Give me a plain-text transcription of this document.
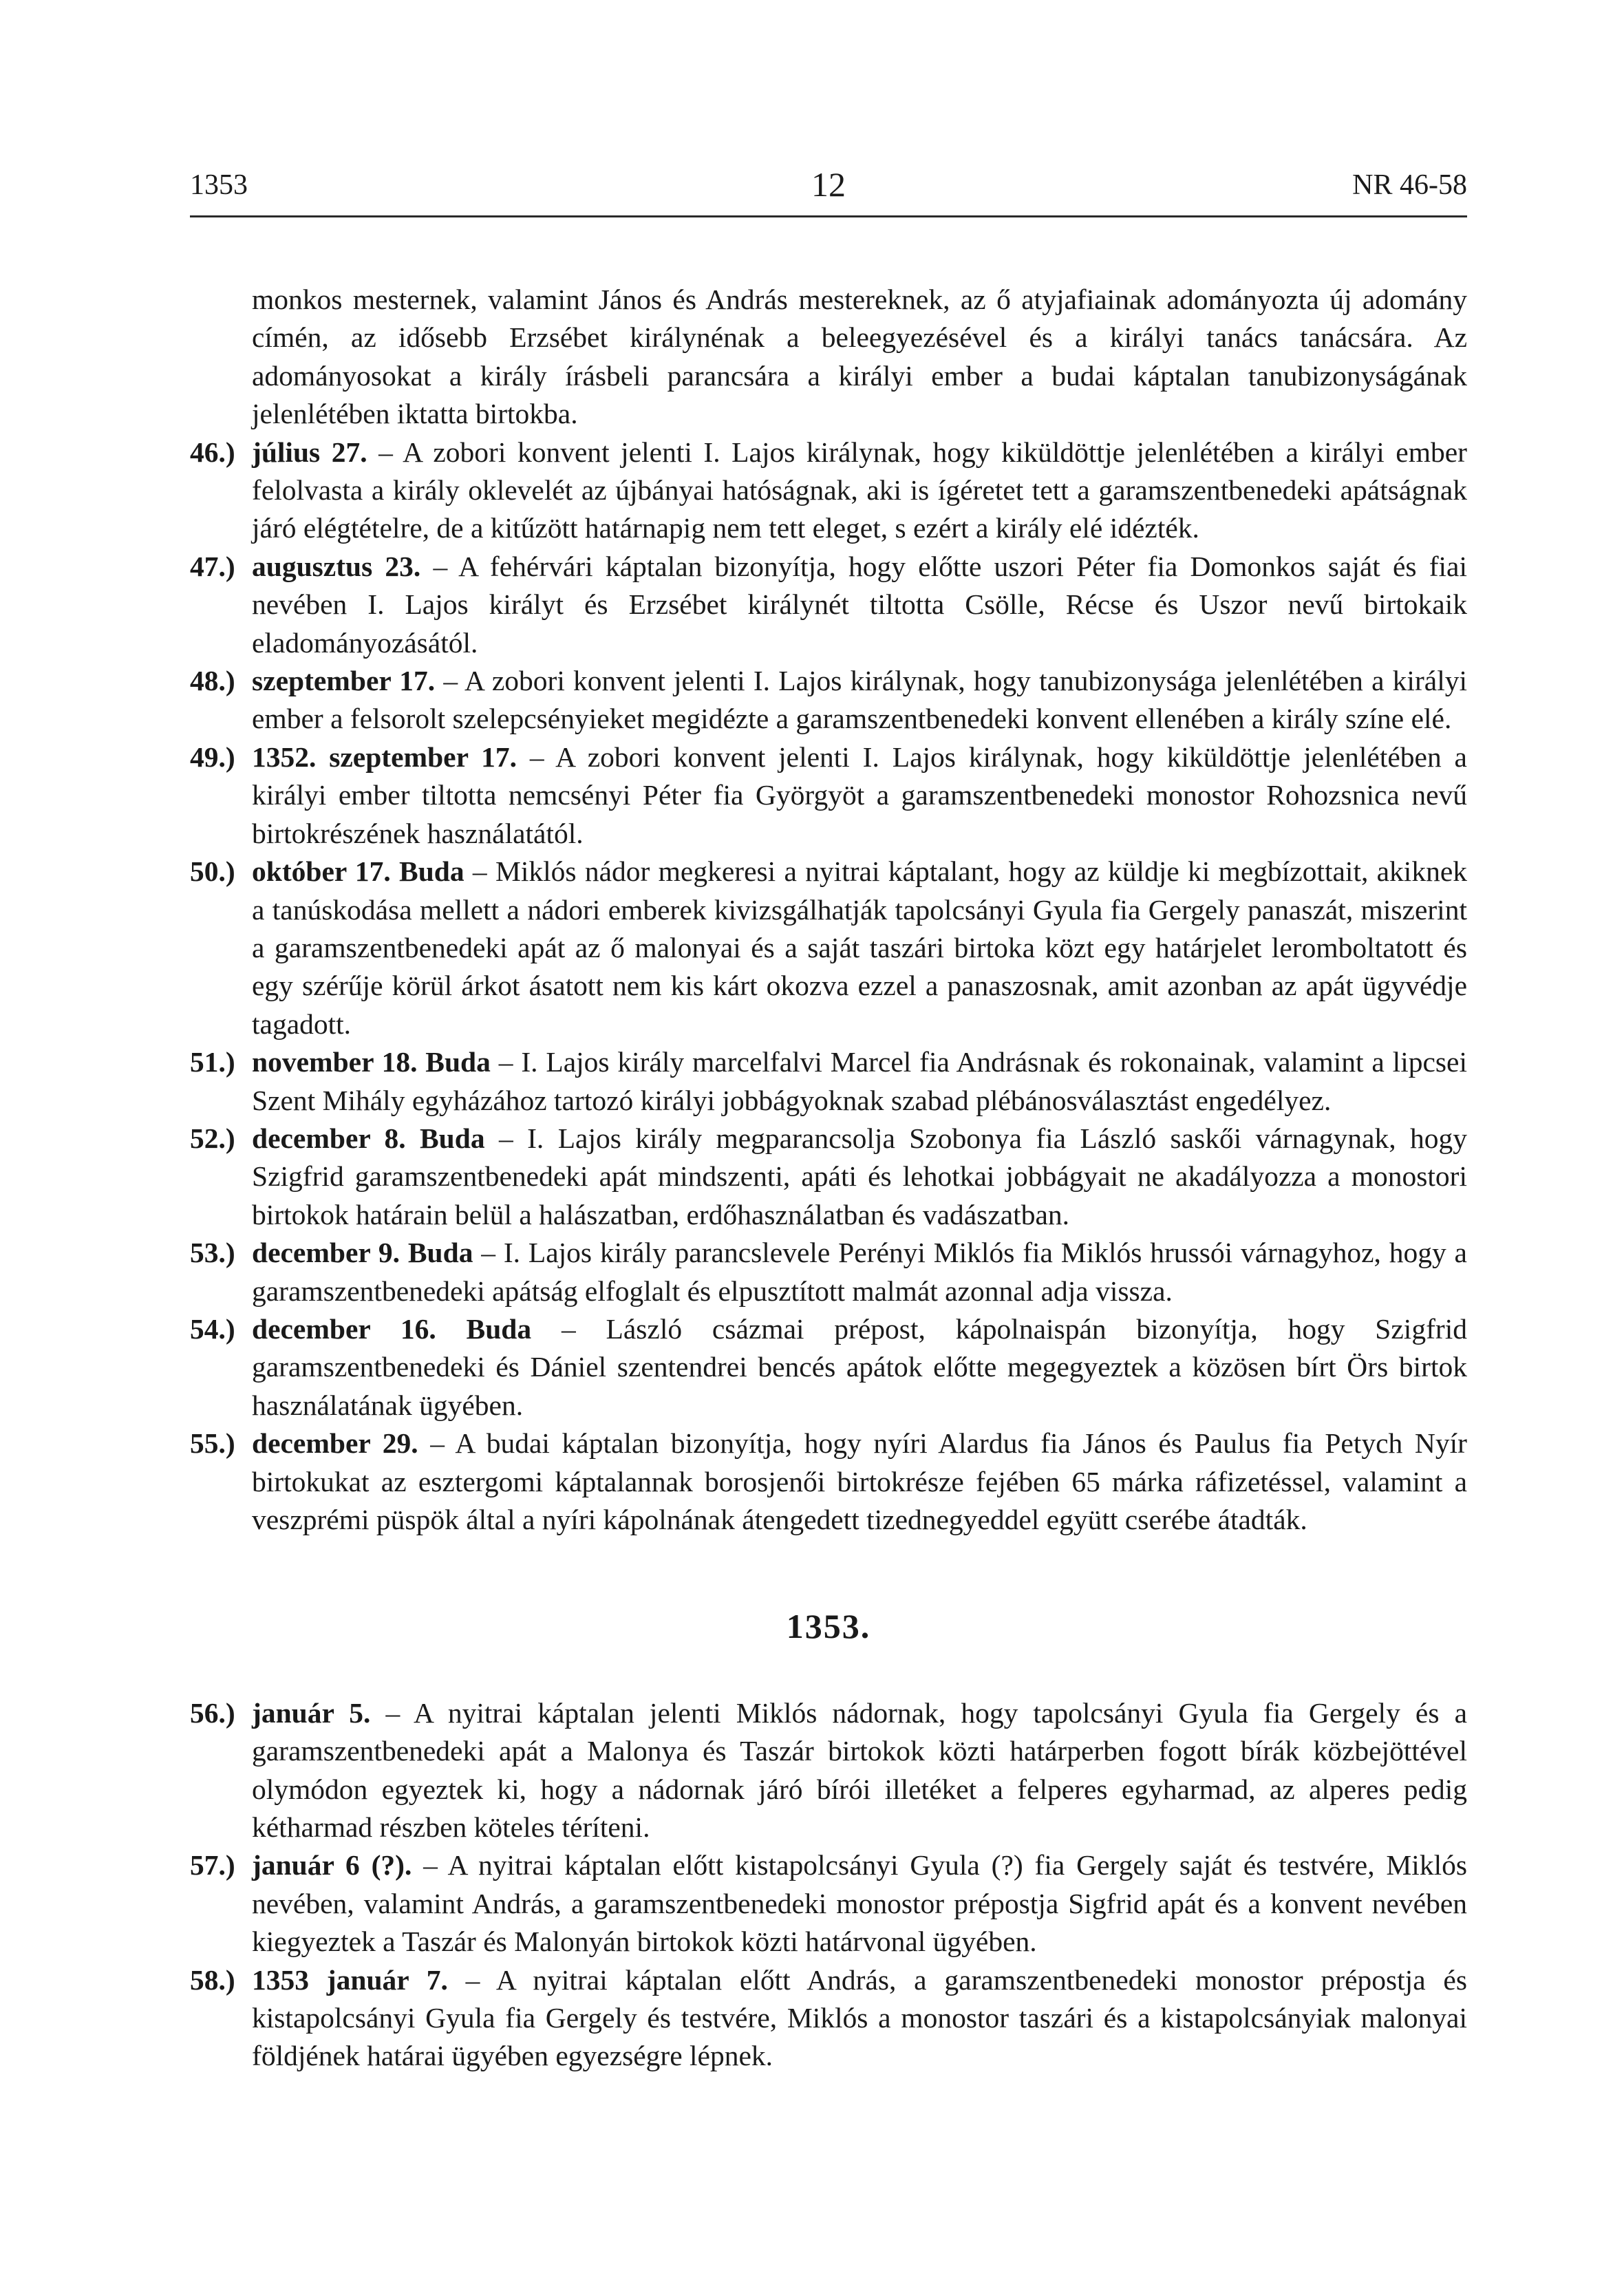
1353	12	NR 46-58

monkos mesternek, valamint János és András mestereknek, az ő atyjafiainak adományozta új adomány címén, az idősebb Erzsébet királynénak a beleegyezésével és a királyi tanács tanácsára. Az adományosokat a király írásbeli parancsára a királyi ember a budai káptalan tanubizonyságának jelenlétében iktatta birtokba.

46.) július 27. – A zobori konvent jelenti I. Lajos királynak, hogy kiküldöttje jelenlétében a királyi ember felolvasta a király oklevelét az újbányai hatóságnak, aki is ígéretet tett a garamszentbenedeki apátságnak járó elégtételre, de a kitűzött határnapig nem tett eleget, s ezért a király elé idézték.

47.) augusztus 23. – A fehérvári káptalan bizonyítja, hogy előtte uszori Péter fia Domonkos saját és fiai nevében I. Lajos királyt és Erzsébet királynét tiltotta Csölle, Récse és Uszor nevű birtokaik eladományozásától.

48.) szeptember 17. – A zobori konvent jelenti I. Lajos királynak, hogy tanubizonysága jelenlétében a királyi ember a felsorolt szelepcsényieket megidézte a garamszentbenedeki konvent ellenében a király színe elé.

49.) 1352. szeptember 17. – A zobori konvent jelenti I. Lajos királynak, hogy kiküldöttje jelenlétében a királyi ember tiltotta nemcsényi Péter fia Györgyöt a garamszentbenedeki monostor Rohozsnica nevű birtokrészének használatától.

50.) október 17. Buda – Miklós nádor megkeresi a nyitrai káptalant, hogy az küldje ki megbízottait, akiknek a tanúskodása mellett a nádori emberek kivizsgálhatják tapolcsányi Gyula fia Gergely panaszát, miszerint a garamszentbenedeki apát az ő malonyai és a saját taszári birtoka közt egy határjelet leromboltatott és egy szérűje körül árkot ásatott nem kis kárt okozva ezzel a panaszosnak, amit azonban az apát ügyvédje tagadott.

51.) november 18. Buda – I. Lajos király marcelfalvi Marcel fia Andrásnak és rokonainak, valamint a lipcsei Szent Mihály egyházához tartozó királyi jobbágyoknak szabad plébánosválasztást engedélyez.

52.) december 8. Buda – I. Lajos király megparancsolja Szobonya fia László saskői várnagynak, hogy Szigfrid garamszentbenedeki apát mindszenti, apáti és lehotkai jobbágyait ne akadályozza a monostori birtokok határain belül a halászatban, erdőhasználatban és vadászatban.

53.) december 9. Buda – I. Lajos király parancslevele Perényi Miklós fia Miklós hrussói várnagyhoz, hogy a garamszentbenedeki apátság elfoglalt és elpusztított malmát azonnal adja vissza.

54.) december 16. Buda – László csázmai prépost, kápolnaispán bizonyítja, hogy Szigfrid garamszentbenedeki és Dániel szentendrei bencés apátok előtte megegyeztek a közösen bírt Örs birtok használatának ügyében.

55.) december 29. – A budai káptalan bizonyítja, hogy nyíri Alardus fia János és Paulus fia Petych Nyír birtokukat az esztergomi káptalannak borosjenői birtokrésze fejében 65 márka ráfizetéssel, valamint a veszprémi püspök által a nyíri kápolnának átengedett tizednegyeddel együtt cserébe átadták.

1353.

56.) január 5. – A nyitrai káptalan jelenti Miklós nádornak, hogy tapolcsányi Gyula fia Gergely és a garamszentbenedeki apát a Malonya és Taszár birtokok közti határperben fogott bírák közbejöttével olymódon egyeztek ki, hogy a nádornak járó bírói illetéket a felperes egyharmad, az alperes pedig kétharmad részben köteles téríteni.

57.) január 6 (?). – A nyitrai káptalan előtt kistapolcsányi Gyula (?) fia Gergely saját és testvére, Miklós nevében, valamint András, a garamszentbenedeki monostor prépostja Sigfrid apát és a konvent nevében kiegyeztek a Taszár és Malonyán birtokok közti határvonal ügyében.

58.) 1353 január 7. – A nyitrai káptalan előtt András, a garamszentbenedeki monostor prépostja és kistapolcsányi Gyula fia Gergely és testvére, Miklós a monostor taszári és a kistapolcsányiak malonyai földjének határai ügyében egyezségre lépnek.
